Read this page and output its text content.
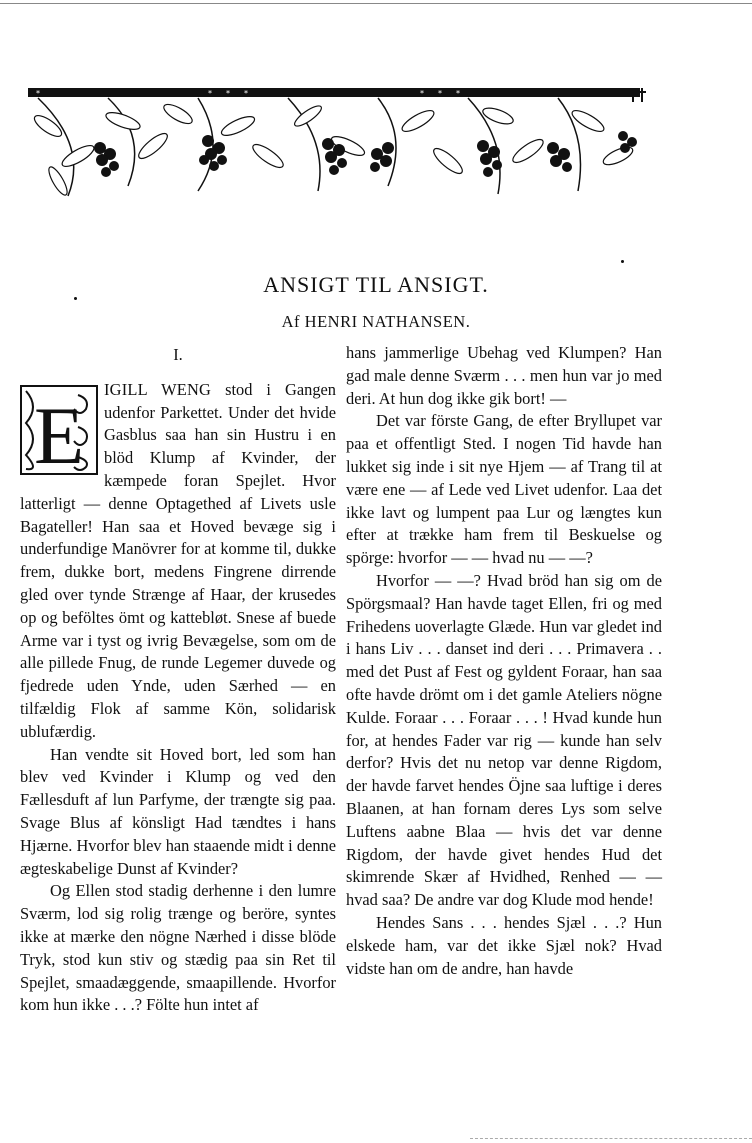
*	* * *	* * *
ANSIGT TIL ANSIGT.
Af HENRI NATHANSEN.
I.
E

IGILL WENG stod i Gangen udenfor Parkettet. Under det hvide Gasblus saa han sin Hustru i en blöd Klump af Kvinder, der kæmpede foran Spejlet. Hvor latterligt — denne Optagethed af Livets usle Bagateller! Han saa et Hoved bevæge sig i underfundige Manövrer for at komme til, dukke frem, dukke bort, medens Fingrene dirrende gled over tynde Strænge af Haar, der krusedes op og beföltes ömt og kattebløt. Snese af buede Arme var i tyst og ivrig Bevægelse, som om de alle pillede Fnug, de runde Legemer duvede og fjedrede uden Ynde, uden Særhed — en tilfældig Flok af samme Kön, solidarisk ublufærdig.

Han vendte sit Hoved bort, led som han blev ved Kvinder i Klump og ved den Fællesduft af lun Parfyme, der trængte sig paa. Svage Blus af könsligt Had tændtes i hans Hjærne. Hvorfor blev han staaende midt i denne ægteskabelige Dunst af Kvinder?

Og Ellen stod stadig derhenne i den lumre Sværm, lod sig rolig trænge og beröre, syntes ikke at mærke den nögne Nærhed i disse blöde Tryk, stod kun stiv og stædig paa sin Ret til Spejlet, smaadæggende, smaapillende. Hvorfor kom hun ikke . . .? Fölte hun intet af

hans jammerlige Ubehag ved Klumpen? Han gad male denne Sværm . . . men hun var jo med deri. At hun dog ikke gik bort! —

Det var förste Gang, de efter Bryllupet var paa et offentligt Sted. I nogen Tid havde han lukket sig inde i sit nye Hjem — af Trang til at være ene — af Lede ved Livet udenfor. Laa det ikke lavt og lumpent paa Lur og længtes kun efter at trække ham frem til Beskuelse og spörge: hvorfor — — hvad nu — —?

Hvorfor — —? Hvad bröd han sig om de Spörgsmaal? Han havde taget Ellen, fri og med Frihedens uoverlagte Glæde. Hun var gledet ind i hans Liv . . . danset ind deri . . . Primavera . . med det Pust af Fest og gyldent Foraar, han saa ofte havde drömt om i det gamle Ateliers nögne Kulde. Foraar . . . Foraar . . . ! Hvad kunde hun for, at hendes Fader var rig — kunde han selv derfor? Hvis det nu netop var denne Rigdom, der havde farvet hendes Öjne saa luftige i deres Blaanen, at han fornam deres Lys som selve Luftens aabne Blaa — hvis det var denne Rigdom, der havde givet hendes Hud det skimrende Skær af Hvidhed, Renhed — — hvad saa? De andre var dog Klude mod hende!

Hendes Sans . . . hendes Sjæl . . .? Hun elskede ham, var det ikke Sjæl nok? Hvad vidste han om de andre, han havde
